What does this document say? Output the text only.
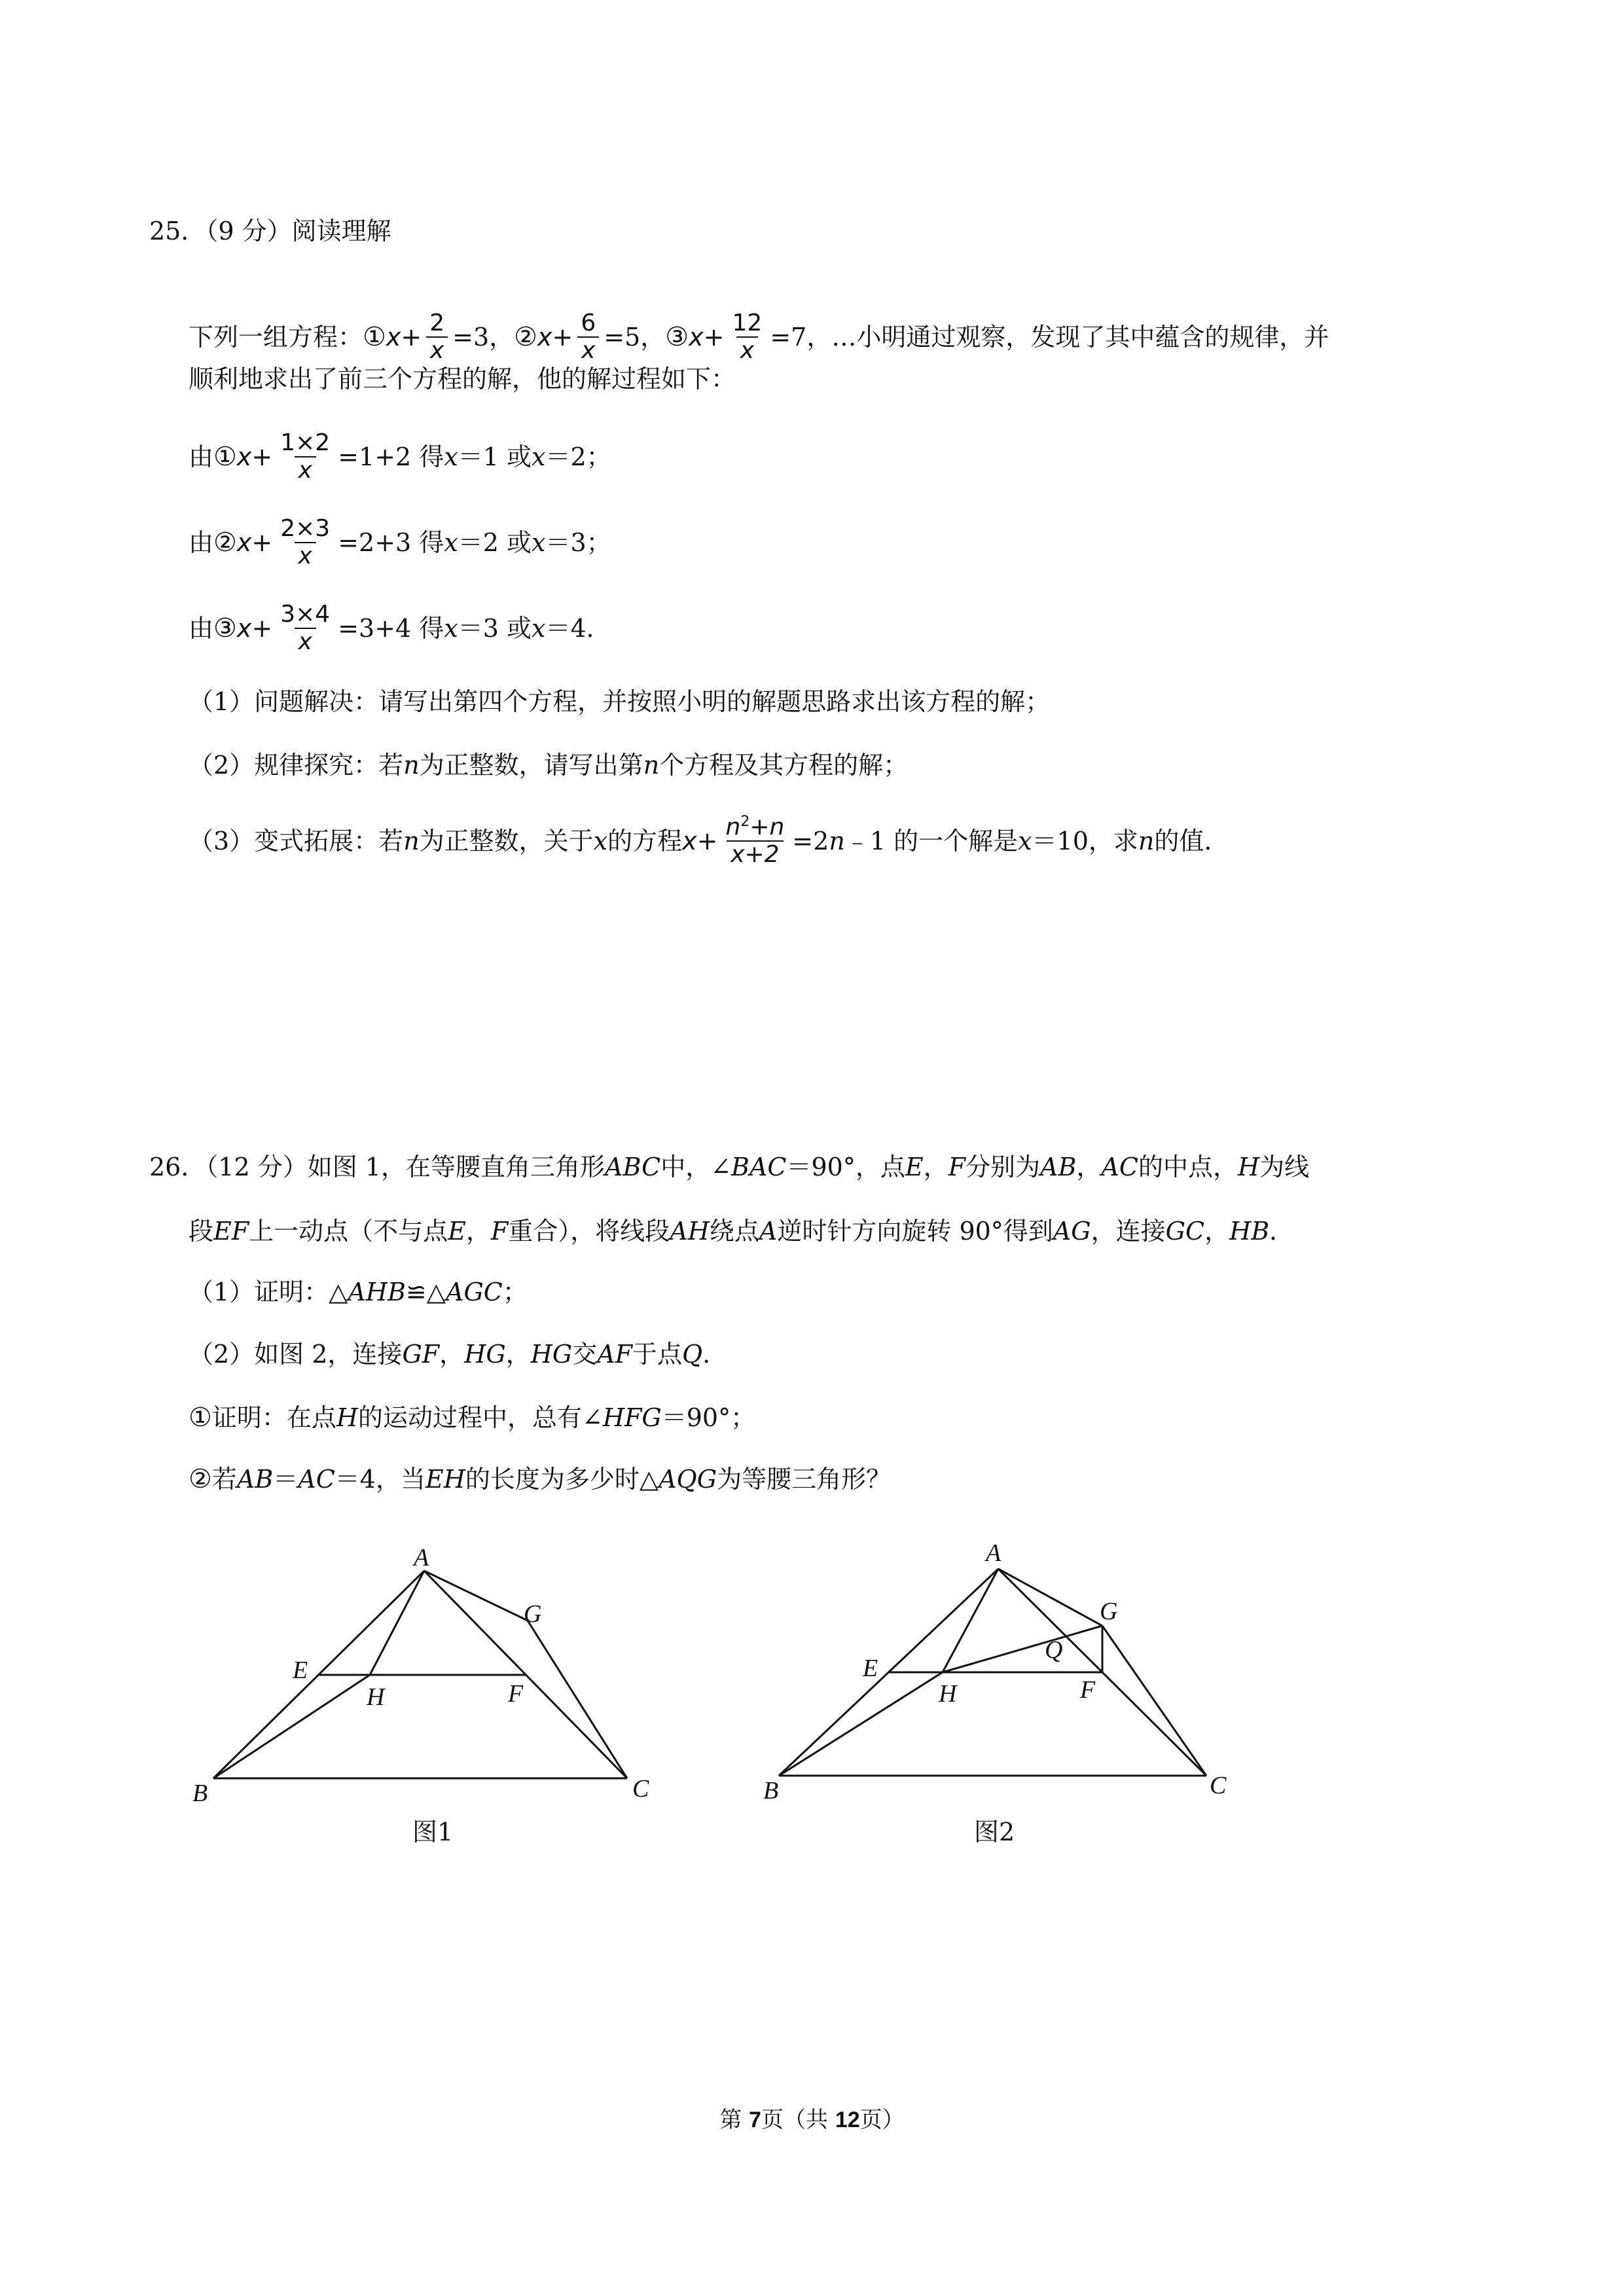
25．（9 分）阅读理解
下列一组方程： ① $x + \frac{2}{x} =3$， ② $x + \frac{6}{x} =5$， ③ $x + \frac{12}{x} =7$， …小明通过观察，发现了其中蕴含的规律，并
顺利地求出了前三个方程的解，他的解过程如下：
由 ① $x + \frac{1\times 2}{x} =1+2$ 得 x ＝1 或 x ＝2；
由 ② $x + \frac{2\times 3}{x} =2+3$ 得 x ＝2 或 x ＝3；
由 ③ $x + \frac{3\times 4}{x} =3+4$ 得 x ＝3 或 x ＝4．
（1）问题解决：请写出第四个方程，并按照小明的解题思路求出该方程的解；
（2）规律探究：若 n 为正整数，请写出第 n 个方程及其方程的解；
（3）变式拓展：若 n 为正整数，关于 x 的方程 $x + \frac{n^2+n}{x+2} =2$ n ﹣1 的一个解是 x ＝10，求 n 的值．
26．（12 分）如图 1，在等腰直角三角形 ABC 中，∠ BAC ＝90°，点 E ， F 分别为 AB ， AC 的中点， H 为线
段 EF 上一动点（不与点 E ， F 重合），将线段 AH 绕点 A 逆时针方向旋转 90°得到 AG ，连接 GC ， HB ．
（1）证明：△ AHB ≌△ AGC ；
（2）如图 2，连接 GF ， HG ， HG 交 AF 于点 Q ．
① 证明：在点 H 的运动过程中，总有∠ HFG ＝90°；
② 若 AB ＝ AC ＝4，当 EH 的长度为多少时△ AQG 为等腰三角形？
A
G
E
H	F
B	C
图1
A
G
Q
E
H	F
B	C
图2
第 7页（共 12页）
